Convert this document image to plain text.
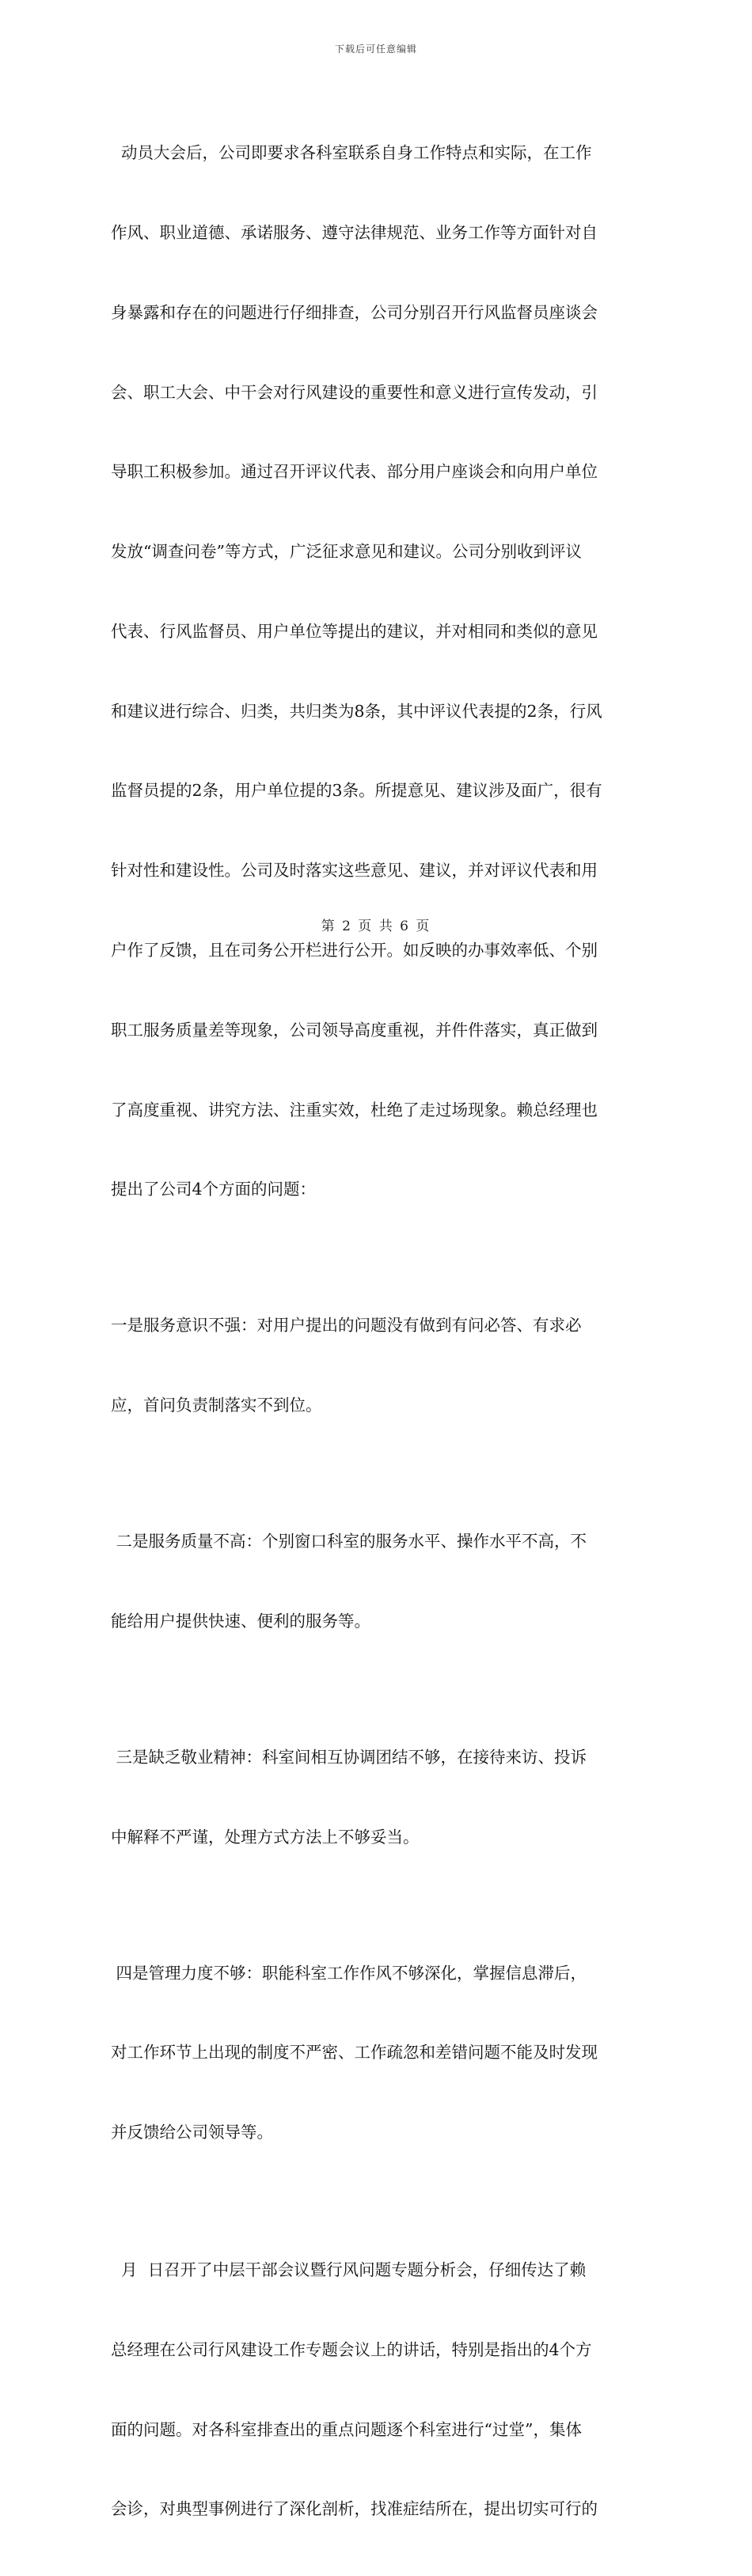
下载后可任意编辑

动员大会后，公司即要求各科室联系自身工作特点和实际，在工作

作风、职业道德、承诺服务、遵守法律规范、业务工作等方面针对自

身暴露和存在的问题进行仔细排查，公司分别召开行风监督员座谈会

会、职工大会、中干会对行风建设的重要性和意义进行宣传发动，引

导职工积极参加。通过召开评议代表、部分用户座谈会和向用户单位

发放“调查问卷”等方式，广泛征求意见和建议。公司分别收到评议

代表、行风监督员、用户单位等提出的建议，并对相同和类似的意见

和建议进行综合、归类，共归类为8条，其中评议代表提的2条，行风

监督员提的2条，用户单位提的3条。所提意见、建议涉及面广，很有

针对性和建设性。公司及时落实这些意见、建议，并对评议代表和用

户作了反馈，且在司务公开栏进行公开。如反映的办事效率低、个别

职工服务质量差等现象，公司领导高度重视，并件件落实，真正做到

了高度重视、讲究方法、注重实效，杜绝了走过场现象。赖总经理也

提出了公司4个方面的问题：

一是服务意识不强：对用户提出的问题没有做到有问必答、有求必

应，首问负责制落实不到位。

二是服务质量不高：个别窗口科室的服务水平、操作水平不高，不

能给用户提供快速、便利的服务等。

三是缺乏敬业精神：科室间相互协调团结不够，在接待来访、投诉

中解释不严谨，处理方式方法上不够妥当。

四是管理力度不够：职能科室工作作风不够深化，掌握信息滞后，

对工作环节上出现的制度不严密、工作疏忽和差错问题不能及时发现

并反馈给公司领导等。

月  日召开了中层干部会议暨行风问题专题分析会，仔细传达了赖

总经理在公司行风建设工作专题会议上的讲话，特别是指出的4个方

面的问题。对各科室排查出的重点问题逐个科室进行“过堂”，集体

会诊，对典型事例进行了深化剖析，找准症结所在，提出切实可行的

第 2 页 共 6 页
